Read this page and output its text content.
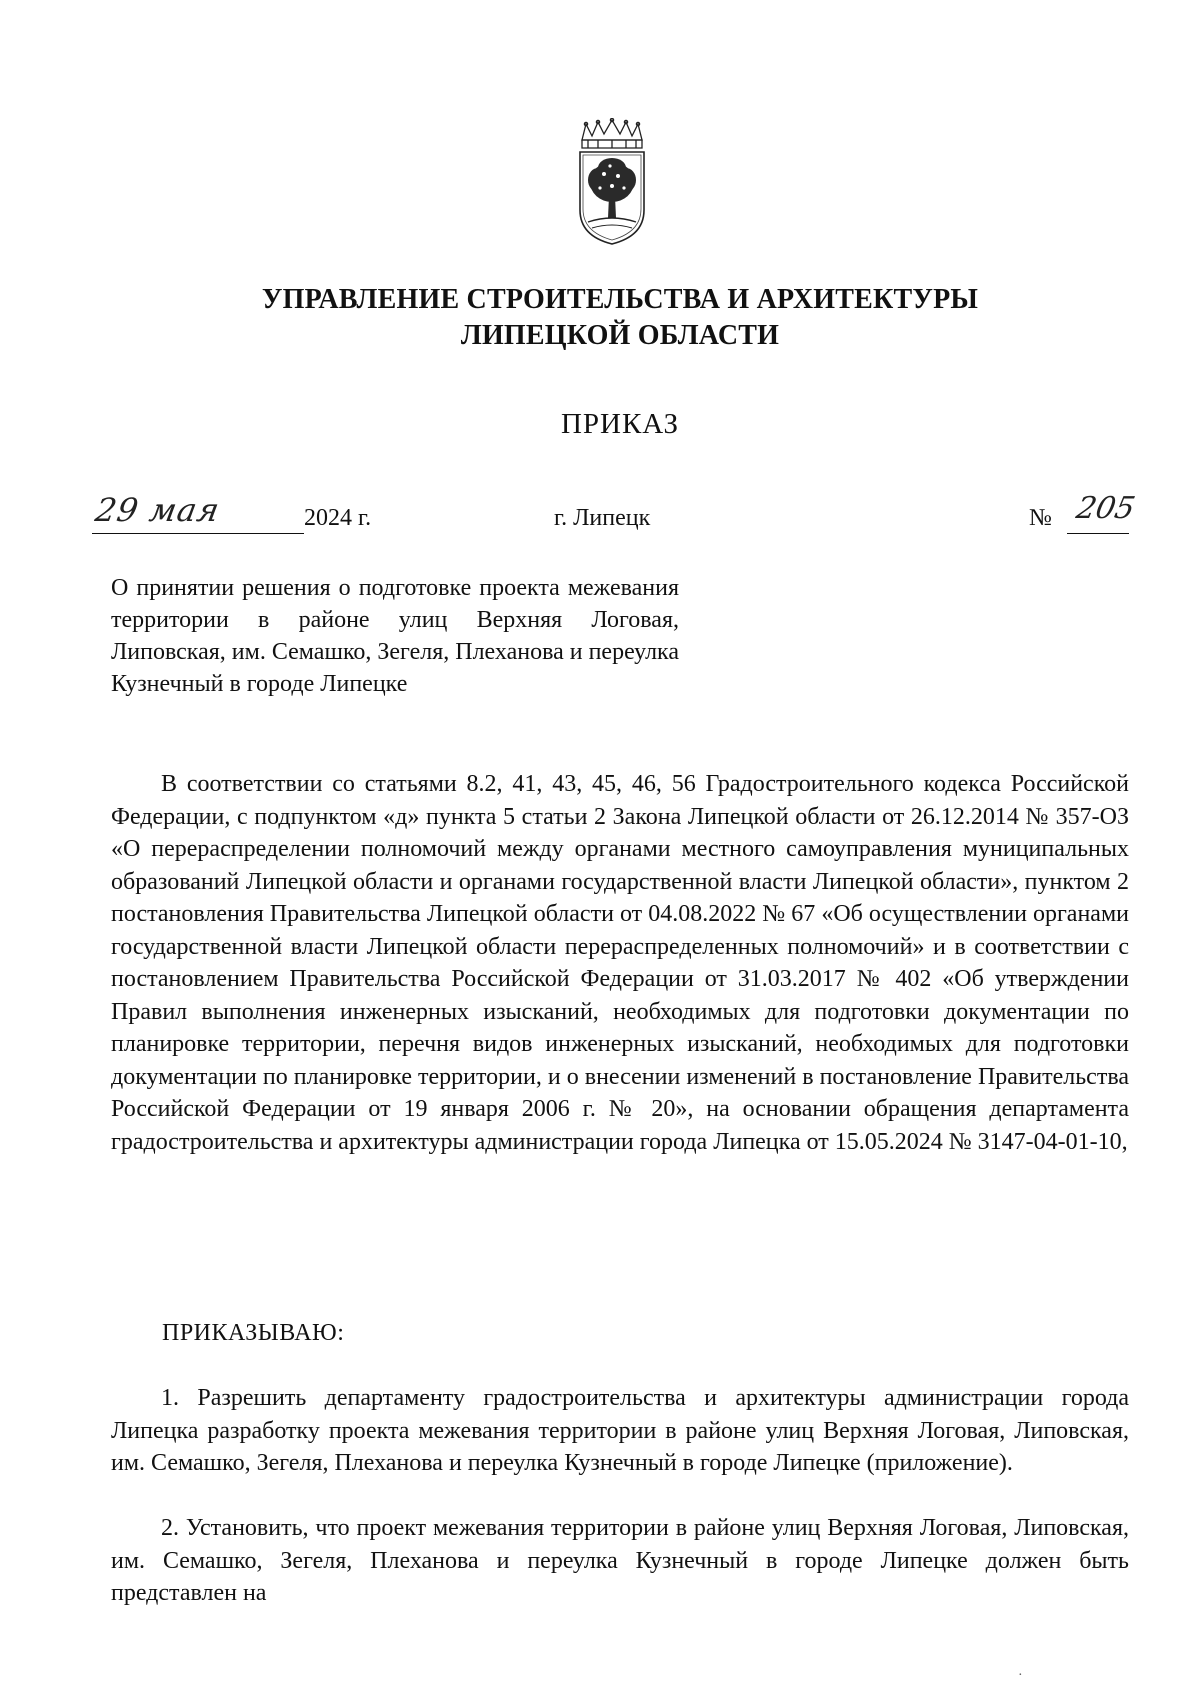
УПРАВЛЕНИЕ СТРОИТЕЛЬСТВА И АРХИТЕКТУРЫ
ЛИПЕЦКОЙ ОБЛАСТИ
ПРИКАЗ
29 мая	2024 г.	г. Липецк	№ 205
О принятии решения о подготовке проекта межевания территории в районе улиц Верхняя Логовая, Липовская, им. Семашко, Зегеля, Плеханова и переулка Кузнечный в городе Липецке
В соответствии со статьями 8.2, 41, 43, 45, 46, 56 Градостроительного кодекса Российской Федерации, с подпунктом «д» пункта 5 статьи 2 Закона Липецкой области от 26.12.2014 № 357-ОЗ «О перераспределении полномочий между органами местного самоуправления муниципальных образований Липецкой области и органами государственной власти Липецкой области», пунктом 2 постановления Правительства Липецкой области от 04.08.2022 № 67 «Об осуществлении органами государственной власти Липецкой области перераспределенных полномочий» и в соответствии с постановлением Правительства Российской Федерации от 31.03.2017 № 402 «Об утверждении Правил выполнения инженерных изысканий, необходимых для подготовки документации по планировке территории, перечня видов инженерных изысканий, необходимых для подготовки документации по планировке территории, и о внесении изменений в постановление Правительства Российской Федерации от 19 января 2006 г. № 20», на основании обращения департамента градостроительства и архитектуры администрации города Липецка от 15.05.2024 № 3147-04-01-10,
ПРИКАЗЫВАЮ:
1. Разрешить департаменту градостроительства и архитектуры администрации города Липецка разработку проекта межевания территории в районе улиц Верхняя Логовая, Липовская, им. Семашко, Зегеля, Плеханова и переулка Кузнечный в городе Липецке (приложение).
2. Установить, что проект межевания территории в районе улиц Верхняя Логовая, Липовская, им. Семашко, Зегеля, Плеханова и переулка Кузнечный в городе Липецке должен быть представлен на
·
